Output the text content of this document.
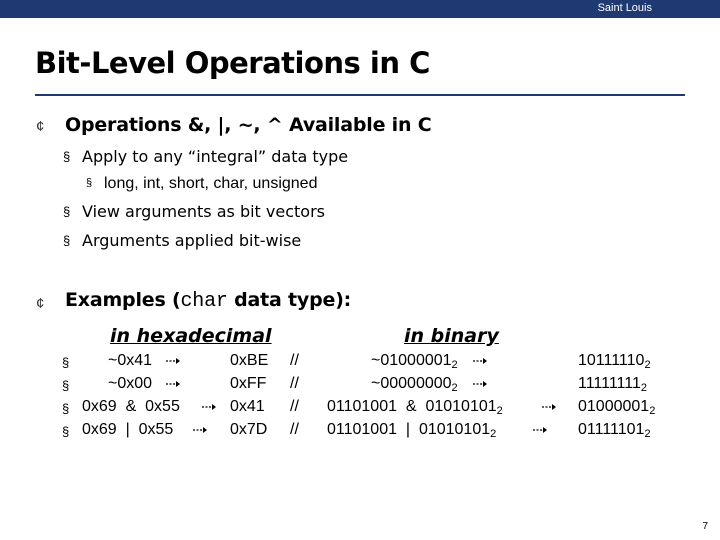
Saint Louis
Bit-Level Operations in C
¢ Operations &, |, ~, ^ Available in C
§ Apply to any “integral” data type
§ long, int, short, char, unsigned
§ View arguments as bit vectors
§ Arguments applied bit-wise
¢ Examples (char data type):
in hexadecimal	in binary
§ ~0x41	0xBE //	$\sim 01000001_2$	$10111110_2$
§ ~0x00	0xFF //	$\sim 00000000_2$	$11111111_2$
§ 0x69  &  0x55	0x41 // 01101001  &  $01010101_2$	$01000001_2$
§ 0x69  |  0x55	0x7D // 01101001  |  $01010101_2$	$01111101_2$
7
